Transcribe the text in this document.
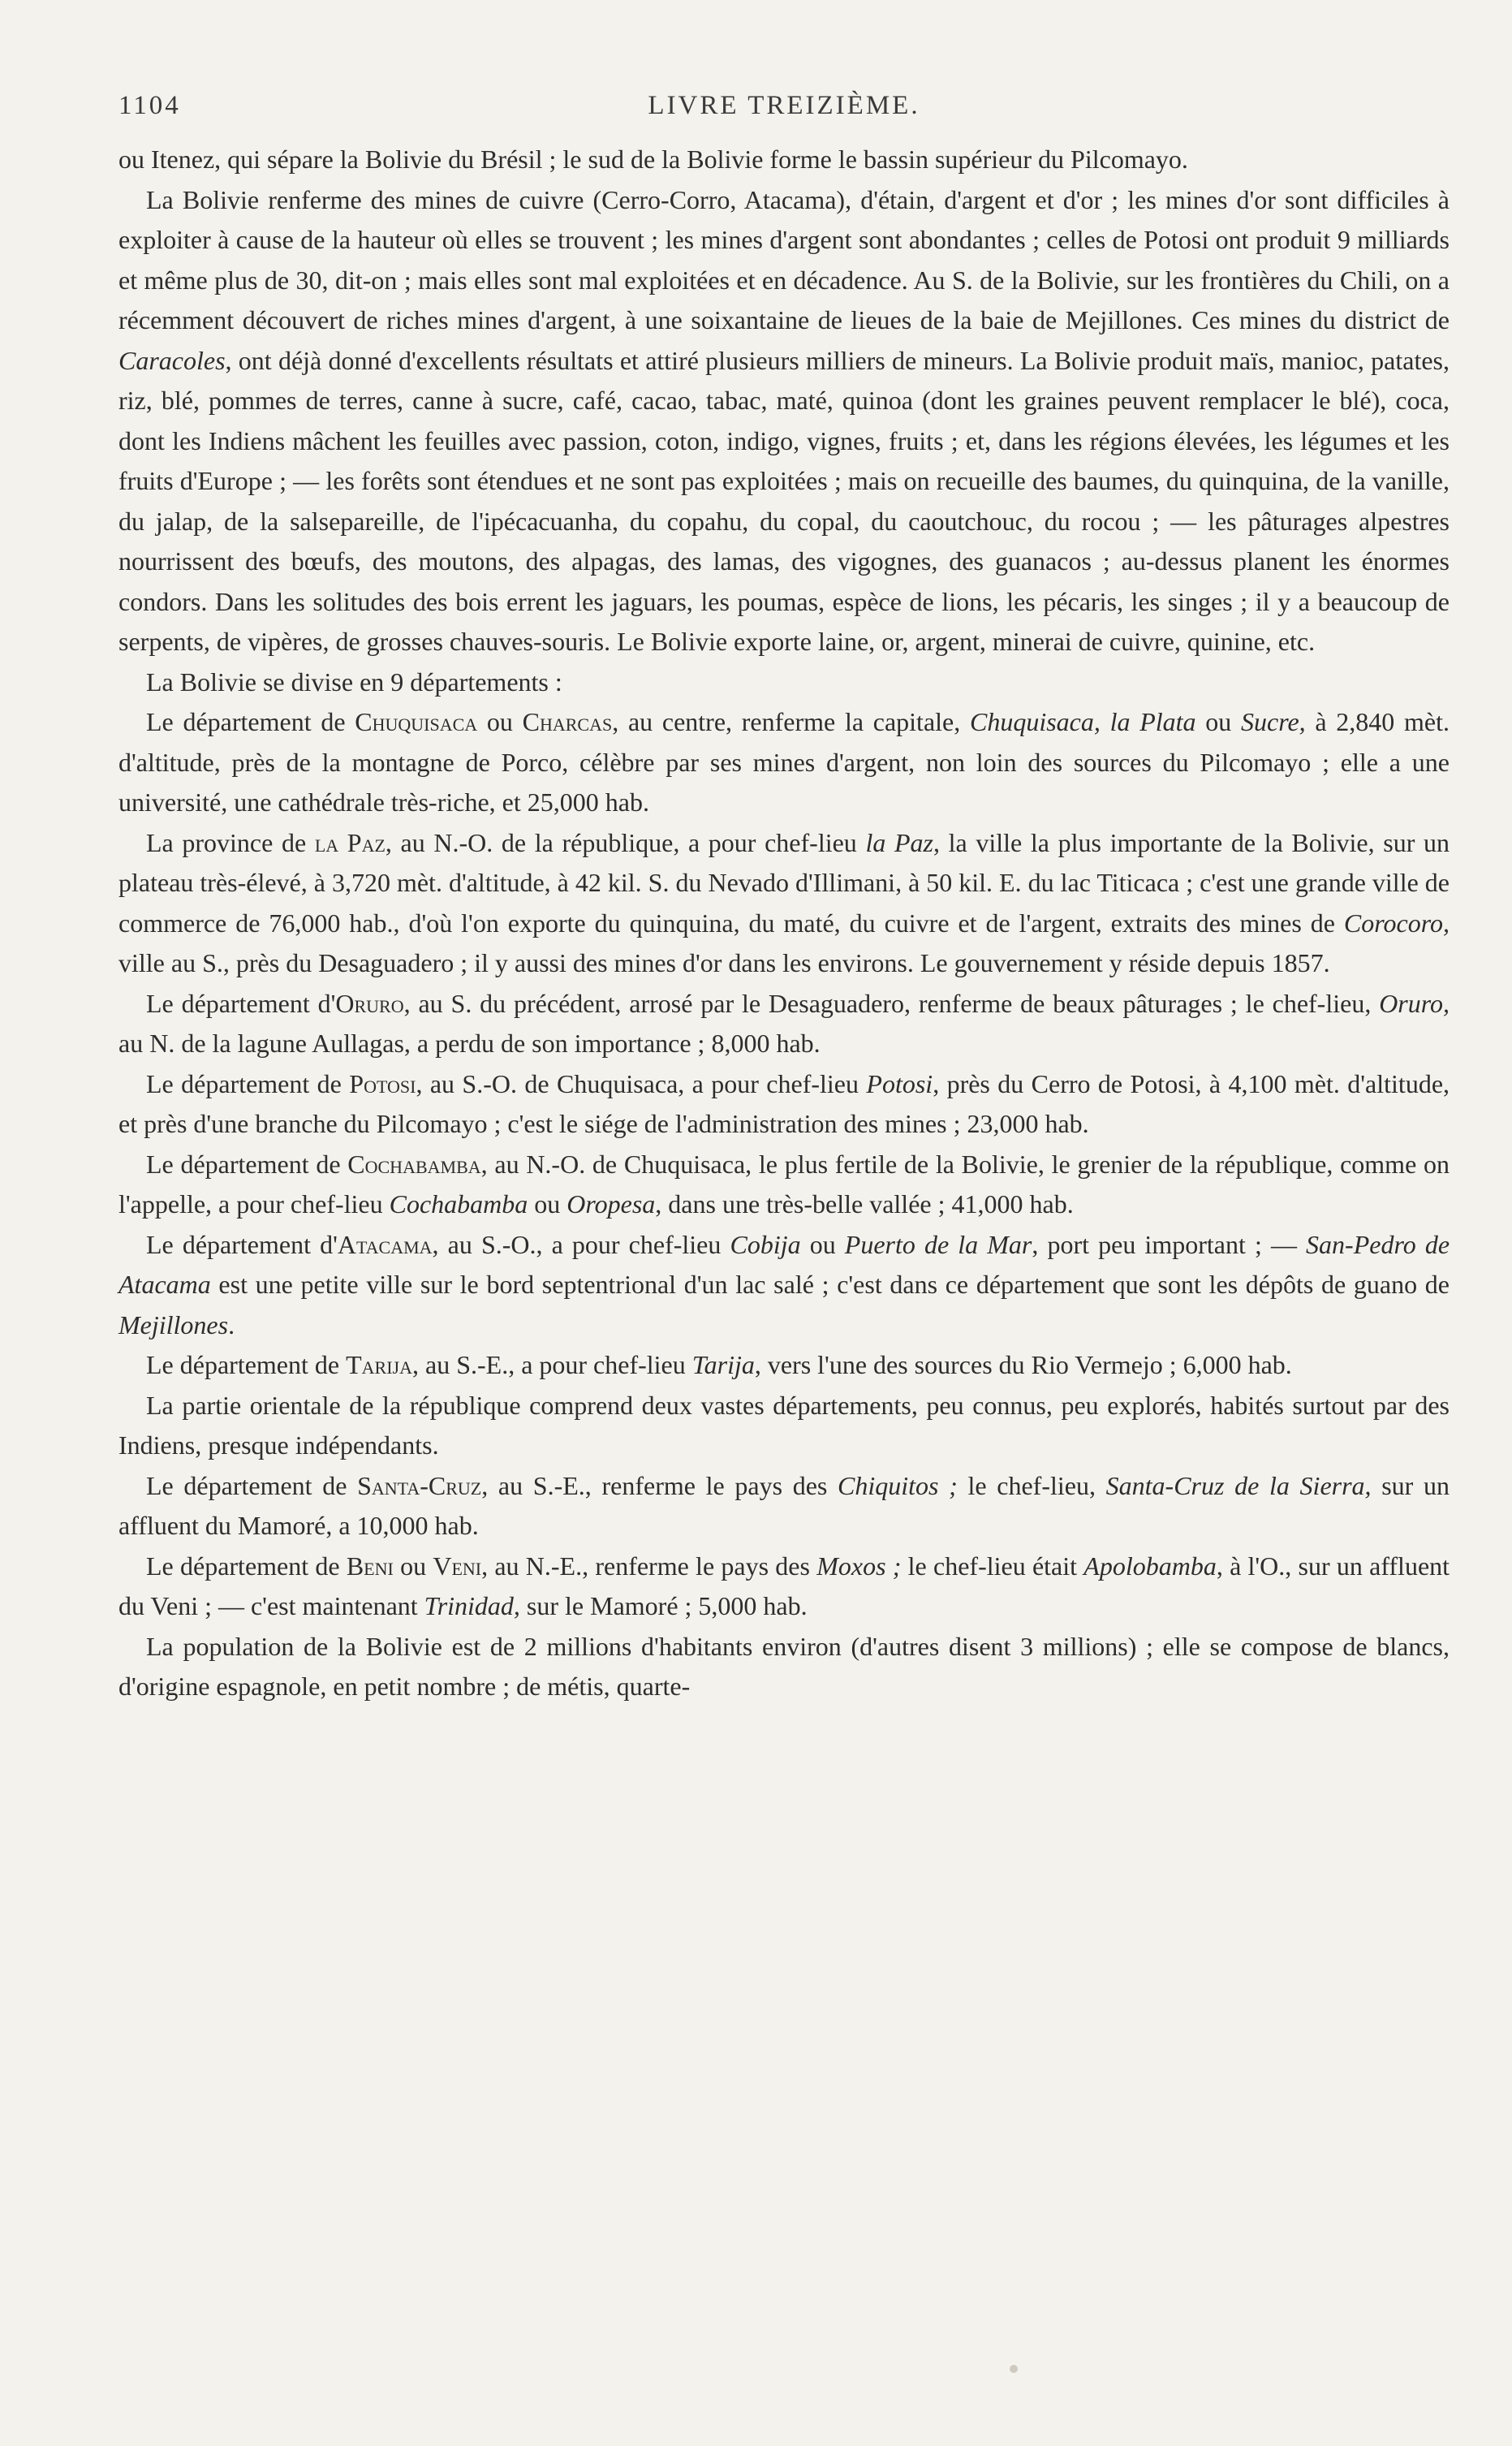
1104	LIVRE TREIZIÈME.

ou Itenez, qui sépare la Bolivie du Brésil ; le sud de la Bolivie forme le bassin supérieur du Pilcomayo.

La Bolivie renferme des mines de cuivre (Cerro-Corro, Atacama), d'étain, d'argent et d'or ; les mines d'or sont difficiles à exploiter à cause de la hauteur où elles se trouvent ; les mines d'argent sont abondantes ; celles de Potosi ont produit 9 milliards et même plus de 30, dit-on ; mais elles sont mal exploitées et en décadence. Au S. de la Bolivie, sur les frontières du Chili, on a récemment découvert de riches mines d'argent, à une soixantaine de lieues de la baie de Mejillones. Ces mines du district de Caracoles, ont déjà donné d'excellents résultats et attiré plusieurs milliers de mineurs. La Bolivie produit maïs, manioc, patates, riz, blé, pommes de terres, canne à sucre, café, cacao, tabac, maté, quinoa (dont les graines peuvent remplacer le blé), coca, dont les Indiens mâchent les feuilles avec passion, coton, indigo, vignes, fruits ; et, dans les régions élevées, les légumes et les fruits d'Europe ; — les forêts sont étendues et ne sont pas exploitées ; mais on recueille des baumes, du quinquina, de la vanille, du jalap, de la salsepareille, de l'ipécacuanha, du copahu, du copal, du caoutchouc, du rocou ; — les pâturages alpestres nourrissent des bœufs, des moutons, des alpagas, des lamas, des vigognes, des guanacos ; au-dessus planent les énormes condors. Dans les solitudes des bois errent les jaguars, les poumas, espèce de lions, les pécaris, les singes ; il y a beaucoup de serpents, de vipères, de grosses chauves-souris. Le Bolivie exporte laine, or, argent, minerai de cuivre, quinine, etc.

La Bolivie se divise en 9 départements :

Le département de Chuquisaca ou Charcas, au centre, renferme la capitale, Chuquisaca, la Plata ou Sucre, à 2,840 mèt. d'altitude, près de la montagne de Porco, célèbre par ses mines d'argent, non loin des sources du Pilcomayo ; elle a une université, une cathédrale très-riche, et 25,000 hab.

La province de la Paz, au N.-O. de la république, a pour chef-lieu la Paz, la ville la plus importante de la Bolivie, sur un plateau très-élevé, à 3,720 mèt. d'altitude, à 42 kil. S. du Nevado d'Illimani, à 50 kil. E. du lac Titicaca ; c'est une grande ville de commerce de 76,000 hab., d'où l'on exporte du quinquina, du maté, du cuivre et de l'argent, extraits des mines de Corocoro, ville au S., près du Desaguadero ; il y aussi des mines d'or dans les environs. Le gouvernement y réside depuis 1857.

Le département d'Oruro, au S. du précédent, arrosé par le Desaguadero, renferme de beaux pâturages ; le chef-lieu, Oruro, au N. de la lagune Aullagas, a perdu de son importance ; 8,000 hab.

Le département de Potosi, au S.-O. de Chuquisaca, a pour chef-lieu Potosi, près du Cerro de Potosi, à 4,100 mèt. d'altitude, et près d'une branche du Pilcomayo ; c'est le siége de l'administration des mines ; 23,000 hab.

Le département de Cochabamba, au N.-O. de Chuquisaca, le plus fertile de la Bolivie, le grenier de la république, comme on l'appelle, a pour chef-lieu Cochabamba ou Oropesa, dans une très-belle vallée ; 41,000 hab.

Le département d'Atacama, au S.-O., a pour chef-lieu Cobija ou Puerto de la Mar, port peu important ; — San-Pedro de Atacama est une petite ville sur le bord septentrional d'un lac salé ; c'est dans ce département que sont les dépôts de guano de Mejillones.

Le département de Tarija, au S.-E., a pour chef-lieu Tarija, vers l'une des sources du Rio Vermejo ; 6,000 hab.

La partie orientale de la république comprend deux vastes départements, peu connus, peu explorés, habités surtout par des Indiens, presque indépendants.

Le département de Santa-Cruz, au S.-E., renferme le pays des Chiquitos ; le chef-lieu, Santa-Cruz de la Sierra, sur un affluent du Mamoré, a 10,000 hab.

Le département de Beni ou Veni, au N.-E., renferme le pays des Moxos ; le chef-lieu était Apolobamba, à l'O., sur un affluent du Veni ; — c'est maintenant Trinidad, sur le Mamoré ; 5,000 hab.

La population de la Bolivie est de 2 millions d'habitants environ (d'autres disent 3 millions) ; elle se compose de blancs, d'origine espagnole, en petit nombre ; de métis, quarte-
